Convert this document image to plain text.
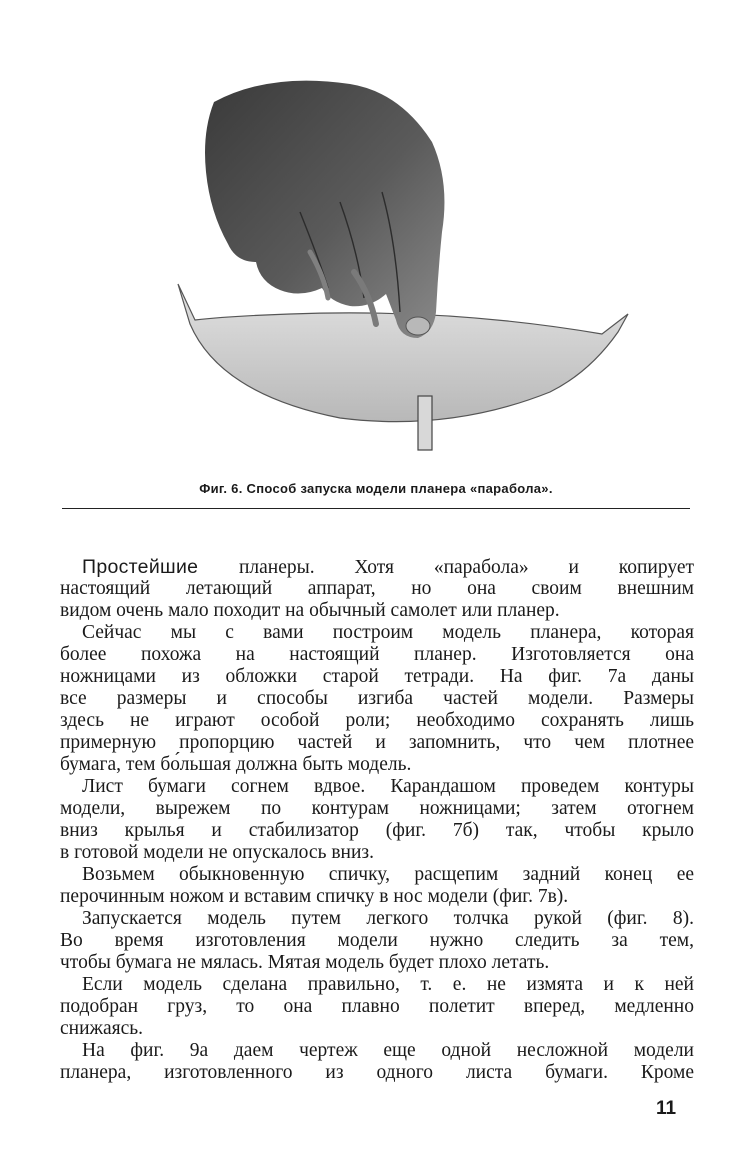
Фиг. 6. Способ запуска модели планера «парабола».
Простейшие планеры. Хотя «парабола» и копирует
настоящий летающий аппарат, но она своим внешним
видом очень мало походит на обычный самолет или планер.
Сейчас мы с вами построим модель планера, которая
более похожа на настоящий планер. Изготовляется она
ножницами из обложки старой тетради. На фиг. 7а даны
все размеры и способы изгиба частей модели. Размеры
здесь не играют особой роли; необходимо сохранять лишь
примерную пропорцию частей и запомнить, что чем плотнее
бумага, тем бо́льшая должна быть модель.
Лист бумаги согнем вдвое. Карандашом проведем контуры
модели, вырежем по контурам ножницами; затем отогнем
вниз крылья и стабилизатор (фиг. 7б) так, чтобы крыло
в готовой модели не опускалось вниз.
Возьмем обыкновенную спичку, расщепим задний конец ее
перочинным ножом и вставим спичку в нос модели (фиг. 7в).
Запускается модель путем легкого толчка рукой (фиг. 8).
Во время изготовления модели нужно следить за тем,
чтобы бумага не мялась. Мятая модель будет плохо летать.
Если модель сделана правильно, т. е. не измята и к ней
подобран груз, то она плавно полетит вперед, медленно
снижаясь.
На фиг. 9а даем чертеж еще одной несложной модели
планера, изготовленного из одного листа бумаги. Кроме
11
